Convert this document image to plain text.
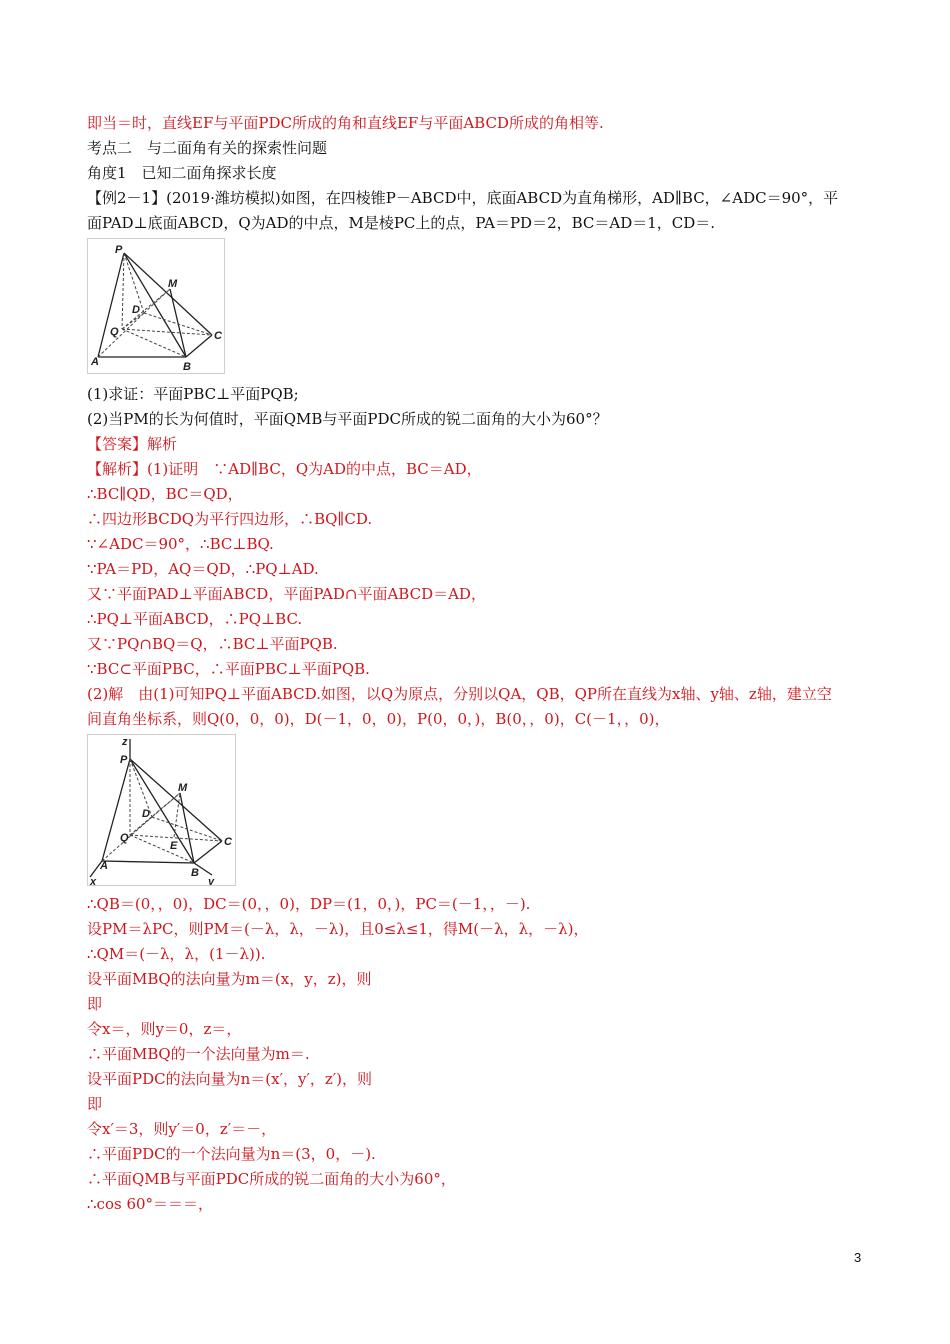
即当＝时，直线EF与平面PDC所成的角和直线EF与平面ABCD所成的角相等.
考点二　与二面角有关的探索性问题
角度1　已知二面角探求长度
【例2－1】(2019·潍坊模拟)如图，在四棱锥P－ABCD中，底面ABCD为直角梯形，AD∥BC，∠ADC＝90°，平
面PAD⊥底面ABCD，Q为AD的中点，M是棱PC上的点，PA＝PD＝2，BC＝AD＝1，CD＝.
P
M
D
Q	C
A	B
(1)求证：平面PBC⊥平面PQB;
(2)当PM的长为何值时，平面QMB与平面PDC所成的锐二面角的大小为60°？
【答案】解析
【解析】(1)证明　∵AD∥BC，Q为AD的中点，BC＝AD，
∴BC∥QD，BC＝QD，
∴四边形BCDQ为平行四边形，∴BQ∥CD.
∵∠ADC＝90°，∴BC⊥BQ.
∵PA＝PD，AQ＝QD，∴PQ⊥AD.
又∵平面PAD⊥平面ABCD，平面PAD∩平面ABCD＝AD，
∴PQ⊥平面ABCD，∴PQ⊥BC.
又∵PQ∩BQ＝Q，∴BC⊥平面PQB.
∵BC⊂平面PBC，∴平面PBC⊥平面PQB.
(2)解　由(1)可知PQ⊥平面ABCD.如图，以Q为原点，分别以QA，QB，QP所在直线为x轴、y轴、z轴，建立空
间直角坐标系，则Q(0，0，0)，D(－1，0，0)，P(0，0，)，B(0，，0)，C(－1，，0)，
z
P
M
D
Q	C
E
A
B
x	y
∴QB＝(0，，0)，DC＝(0，，0)，DP＝(1，0，)，PC＝(－1，，－).
设PM＝λPC，则PM＝(－λ，λ，－λ)，且0≤λ≤1，得M(－λ，λ，－λ)，
∴QM＝(－λ，λ，(1－λ)).
设平面MBQ的法向量为m＝(x，y，z)，则
即
令x＝，则y＝0，z＝，
∴平面MBQ的一个法向量为m＝.
设平面PDC的法向量为n＝(x′，y′，z′)，则
即
令x′＝3，则y′＝0，z′＝－，
∴平面PDC的一个法向量为n＝(3，0，－).
∴平面QMB与平面PDC所成的锐二面角的大小为60°，
∴cos 60°＝＝＝，
3
